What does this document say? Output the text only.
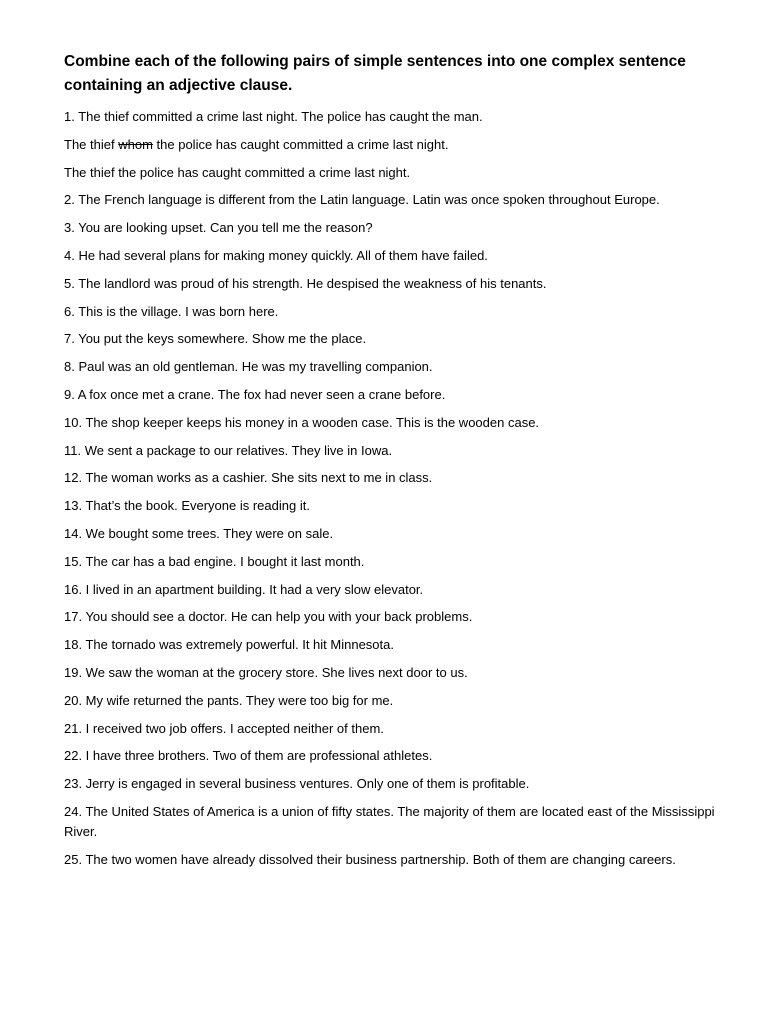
Combine each of the following pairs of simple sentences into one complex sentence containing an adjective clause.
1. The thief committed a crime last night. The police has caught the man.
The thief whom the police has caught committed a crime last night.
The thief the police has caught committed a crime last night.
2. The French language is different from the Latin language. Latin was once spoken throughout Europe.
3. You are looking upset. Can you tell me the reason?
4. He had several plans for making money quickly. All of them have failed.
5. The landlord was proud of his strength. He despised the weakness of his tenants.
6. This is the village. I was born here.
7. You put the keys somewhere. Show me the place.
8. Paul was an old gentleman. He was my travelling companion.
9. A fox once met a crane. The fox had never seen a crane before.
10. The shop keeper keeps his money in a wooden case. This is the wooden case.
11. We sent a package to our relatives. They live in Iowa.
12. The woman works as a cashier. She sits next to me in class.
13. That’s the book. Everyone is reading it.
14. We bought some trees. They were on sale.
15. The car has a bad engine. I bought it last month.
16. I lived in an apartment building. It had a very slow elevator.
17. You should see a doctor. He can help you with your back problems.
18. The tornado was extremely powerful. It hit Minnesota.
19. We saw the woman at the grocery store. She lives next door to us.
20. My wife returned the pants. They were too big for me.
21. I received two job offers. I accepted neither of them.
22. I have three brothers. Two of them are professional athletes.
23. Jerry is engaged in several business ventures. Only one of them is profitable.
24. The United States of America is a union of fifty states. The majority of them are located east of the Mississippi River.
25. The two women have already dissolved their business partnership. Both of them are changing careers.
